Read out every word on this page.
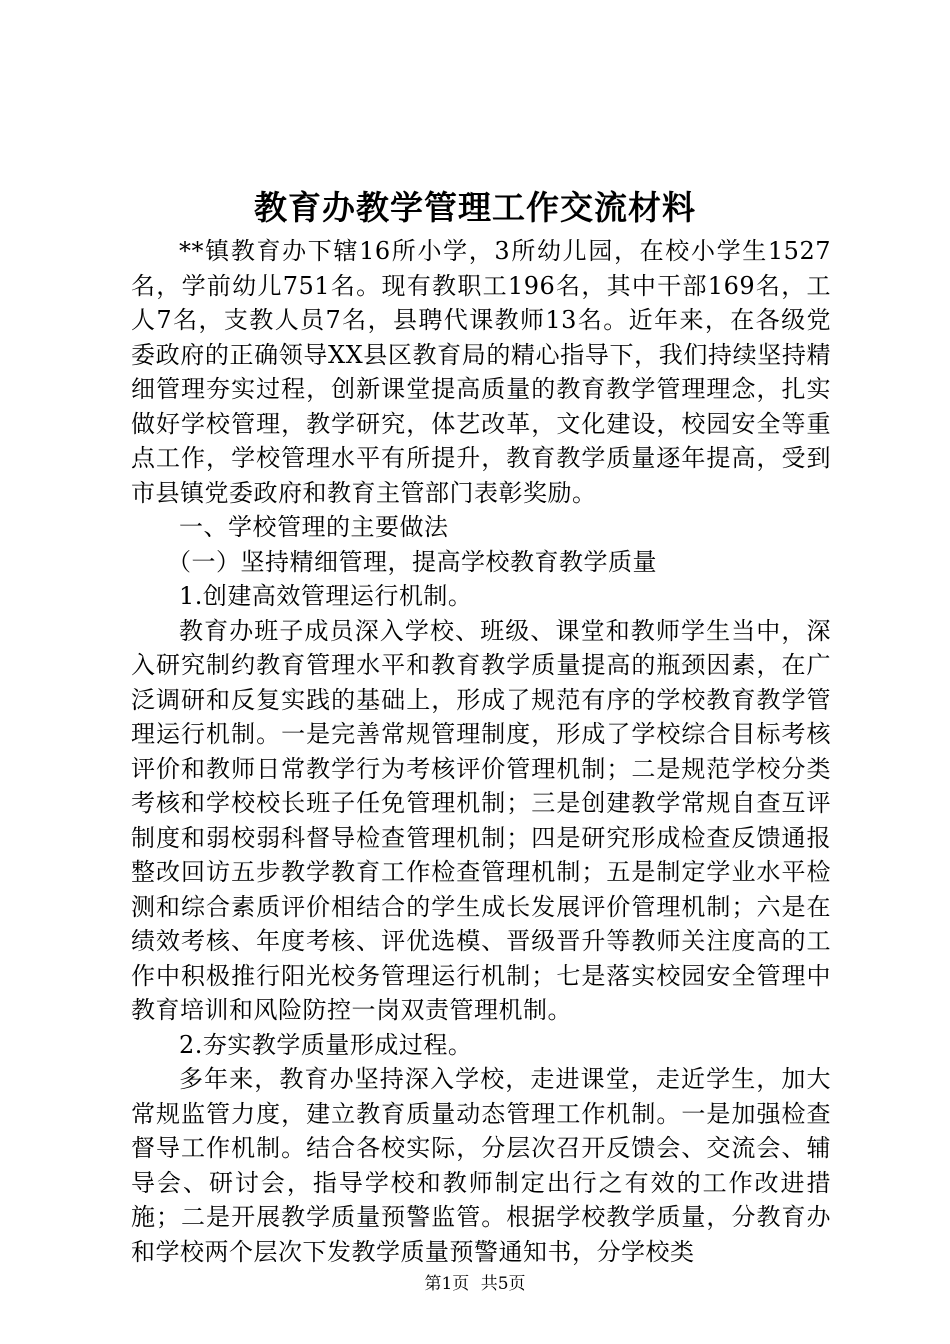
教育办教学管理工作交流材料

**镇教育办下辖16所小学，3所幼儿园，在校小学生1527名，学前幼儿751名。现有教职工196名，其中干部169名，工人7名，支教人员7名，县聘代课教师13名。近年来，在各级党委政府的正确领导XX县区教育局的精心指导下，我们持续坚持精细管理夯实过程，创新课堂提高质量的教育教学管理理念，扎实做好学校管理，教学研究，体艺改革，文化建设，校园安全等重点工作，学校管理水平有所提升，教育教学质量逐年提高，受到市县镇党委政府和教育主管部门表彰奖励。

一、学校管理的主要做法

（一）坚持精细管理，提高学校教育教学质量

1.创建高效管理运行机制。

教育办班子成员深入学校、班级、课堂和教师学生当中，深入研究制约教育管理水平和教育教学质量提高的瓶颈因素，在广泛调研和反复实践的基础上，形成了规范有序的学校教育教学管理运行机制。一是完善常规管理制度，形成了学校综合目标考核评价和教师日常教学行为考核评价管理机制；二是规范学校分类考核和学校校长班子任免管理机制；三是创建教学常规自查互评制度和弱校弱科督导检查管理机制；四是研究形成检查反馈通报整改回访五步教学教育工作检查管理机制；五是制定学业水平检测和综合素质评价相结合的学生成长发展评价管理机制；六是在绩效考核、年度考核、评优选模、晋级晋升等教师关注度高的工作中积极推行阳光校务管理运行机制；七是落实校园安全管理中教育培训和风险防控一岗双责管理机制。

2.夯实教学质量形成过程。

多年来，教育办坚持深入学校，走进课堂，走近学生，加大常规监管力度，建立教育质量动态管理工作机制。一是加强检查督导工作机制。结合各校实际，分层次召开反馈会、交流会、辅导会、研讨会，指导学校和教师制定出行之有效的工作改进措施；二是开展教学质量预警监管。根据学校教学质量，分教育办和学校两个层次下发教学质量预警通知书，分学校类

第1页 共5页
